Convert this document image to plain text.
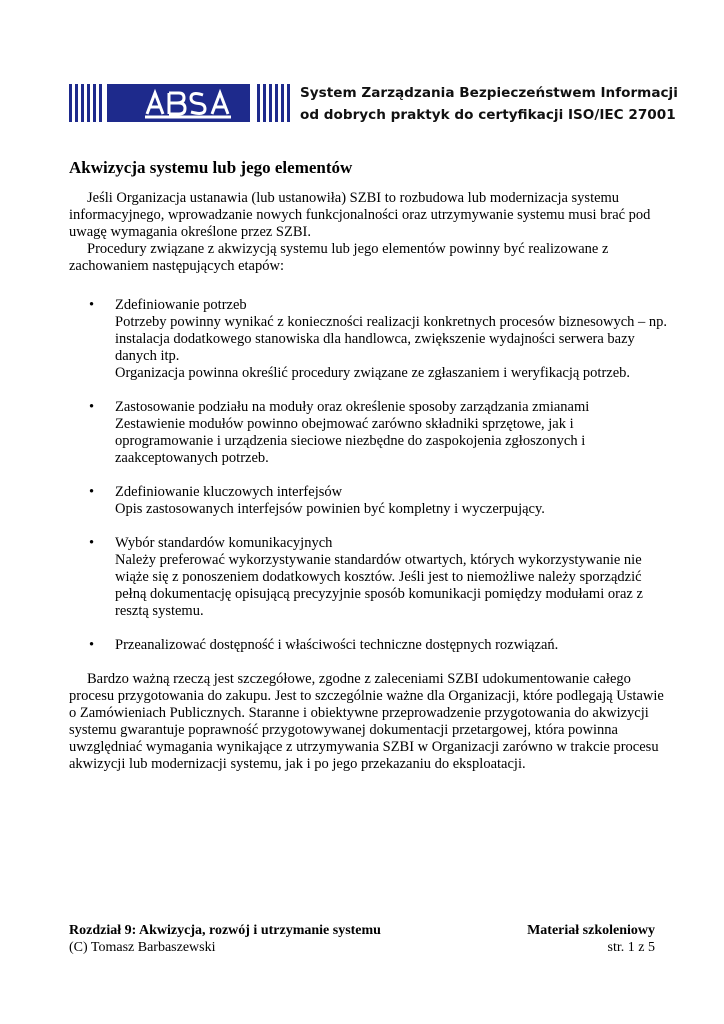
System Zarządzania Bezpieczeństwem Informacji
od dobrych praktyk do certyfikacji ISO/IEC 27001
Akwizycja systemu lub jego elementów

Jeśli Organizacja ustanawia (lub ustanowiła) SZBI to rozbudowa lub modernizacja systemu informacyjnego, wprowadzanie nowych funkcjonalności oraz utrzymywanie systemu musi brać pod uwagę wymagania określone przez SZBI.

Procedury związane z akwizycją systemu lub jego elementów powinny być realizowane z zachowaniem następujących etapów:

• Zdefiniowanie potrzeb
Potrzeby powinny wynikać z konieczności realizacji konkretnych procesów biznesowych – np. instalacja dodatkowego stanowiska dla handlowca, zwiększenie wydajności serwera bazy danych itp.
Organizacja powinna określić procedury związane ze zgłaszaniem i weryfikacją potrzeb.
• Zastosowanie podziału na moduły oraz określenie sposoby zarządzania zmianami
Zestawienie modułów powinno obejmować zarówno składniki sprzętowe, jak i oprogramowanie i urządzenia sieciowe niezbędne do zaspokojenia zgłoszonych i zaakceptowanych potrzeb.
• Zdefiniowanie kluczowych interfejsów
Opis zastosowanych interfejsów powinien być kompletny i wyczerpujący.
• Wybór standardów komunikacyjnych
Należy preferować wykorzystywanie standardów otwartych, których wykorzystywanie nie wiąże się z ponoszeniem dodatkowych kosztów. Jeśli jest to niemożliwe należy sporządzić pełną dokumentację opisującą precyzyjnie sposób komunikacji pomiędzy modułami oraz z resztą systemu.
• Przeanalizować dostępność i właściwości techniczne dostępnych rozwiązań.

Bardzo ważną rzeczą jest szczegółowe, zgodne z zaleceniami SZBI udokumentowanie całego procesu przygotowania do zakupu. Jest to szczególnie ważne dla Organizacji, które podlegają Ustawie o Zamówieniach Publicznych. Staranne i obiektywne przeprowadzenie przygotowania do akwizycji systemu gwarantuje poprawność przygotowywanej dokumentacji przetargowej, która powinna uwzględniać wymagania wynikające z utrzymywania SZBI w Organizacji zarówno w trakcie procesu akwizycji lub modernizacji systemu, jak i po jego przekazaniu do eksploatacji.

Rozdział 9: Akwizycja, rozwój i utrzymanie systemu	Materiał szkoleniowy
(C) Tomasz Barbaszewski	str. 1 z 5
